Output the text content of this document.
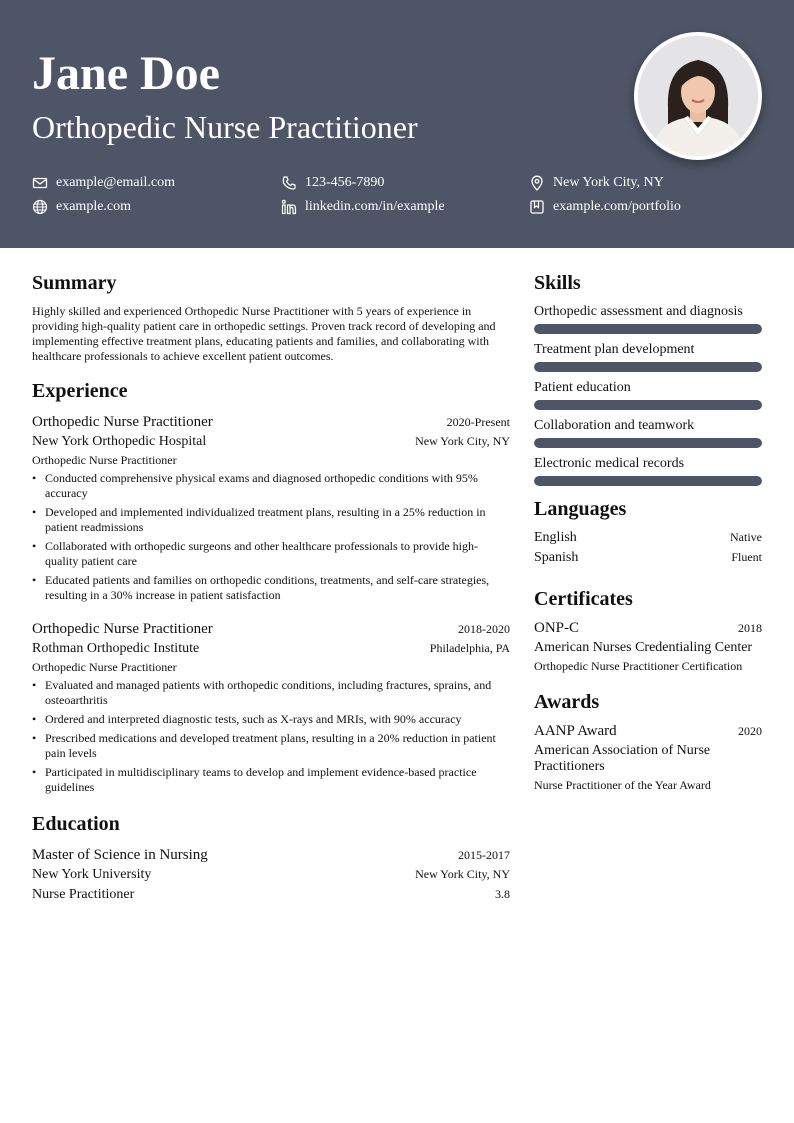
Jane Doe
Orthopedic Nurse Practitioner
example@email.com	123-456-7890	New York City, NY
example.com	linkedin.com/in/example	example.com/portfolio
Summary
Highly skilled and experienced Orthopedic Nurse Practitioner with 5 years of experience in providing high-quality patient care in orthopedic settings. Proven track record of developing and implementing effective treatment plans, educating patients and families, and collaborating with healthcare professionals to achieve excellent patient outcomes.
Experience
Orthopedic Nurse Practitioner	2020-Present
New York Orthopedic Hospital	New York City, NY
Orthopedic Nurse Practitioner
• Conducted comprehensive physical exams and diagnosed orthopedic conditions with 95% accuracy
• Developed and implemented individualized treatment plans, resulting in a 25% reduction in patient readmissions
• Collaborated with orthopedic surgeons and other healthcare professionals to provide high-quality patient care
• Educated patients and families on orthopedic conditions, treatments, and self-care strategies, resulting in a 30% increase in patient satisfaction
Orthopedic Nurse Practitioner	2018-2020
Rothman Orthopedic Institute	Philadelphia, PA
Orthopedic Nurse Practitioner
• Evaluated and managed patients with orthopedic conditions, including fractures, sprains, and osteoarthritis
• Ordered and interpreted diagnostic tests, such as X-rays and MRIs, with 90% accuracy
• Prescribed medications and developed treatment plans, resulting in a 20% reduction in patient pain levels
• Participated in multidisciplinary teams to develop and implement evidence-based practice guidelines
Education
Master of Science in Nursing	2015-2017
New York University	New York City, NY
Nurse Practitioner	3.8
Skills
Orthopedic assessment and diagnosis
Treatment plan development
Patient education
Collaboration and teamwork
Electronic medical records
Languages
English	Native
Spanish	Fluent
Certificates
ONP-C	2018
American Nurses Credentialing Center
Orthopedic Nurse Practitioner Certification
Awards
AANP Award	2020
American Association of Nurse Practitioners
Nurse Practitioner of the Year Award
